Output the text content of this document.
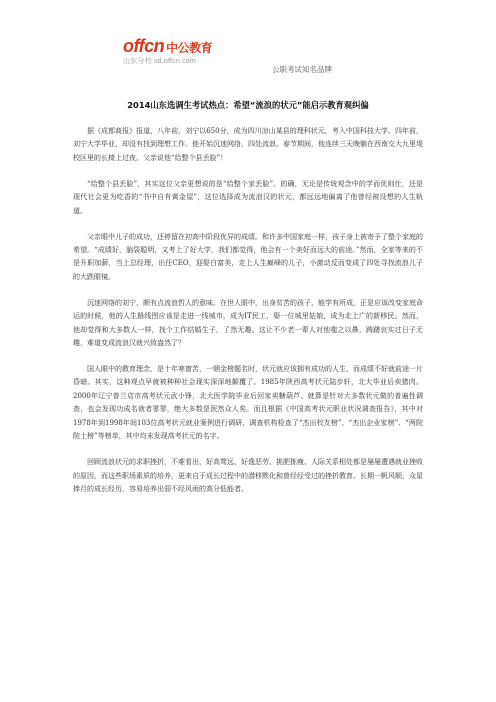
offcn 中公教育
山东分校 sd.offcn.com
公职考试知名品牌
2014山东选调生考试热点：希望“流浪的状元”能启示教育观纠偏

据《成都商报》报道，八年前，刘宁以650分，成为四川凉山某县的理科状元，考入中国科技大学。四年前，刘宁大学毕业，却没有找到理想工作。他开始沉迷网络，四处流浪。春节期间，他连续三天晚躺在西南交大九里堤校区里的长椅上过夜。父亲说他“给整个县丢脸”！

“给整个县丢脸”，其实这位父亲更想说的是“给整个家丢脸”。的确，无论是传统观念中的学而优则仕，还是现代社会更为吃香的“书中自有黄金屋”，这位选择成为流浪汉的状元，都远远地偏离了他曾经被设想的人生轨道。

父亲眼中儿子的成功，还停留在初高中阶段优异的成绩。和许多中国家庭一样，孩子身上被寄予了整个家庭的希望。“成绩好，脑袋聪明，又考上了好大学，我们都觉得，他会有一个美好而远大的前途。”然而，全家等来的不是升职加薪，当上总经理，出任CEO，迎娶白富美，走上人生巅峰的儿子，小激动反而变成了四处寻找流浪儿子的大跌眼镜。

沉迷网络的刘宁，颇有点流浪哲人的意味。在世人眼中，出身贫苦的孩子，能学有所成，正是应该改变家庭命运的时候，他的人生路线图应该是走进一线城市，成为IT民工，娶一位城里姑娘，成为北上广的新移民。然而，他却觉得和大多数人一样，找个工作结婚生子，了然无趣。这让不少老一辈人对他嗤之以鼻，踌躇哀实过日子无趣，难道变成流浪汉就兴致盎然了？

国人眼中的教育理念，是十年寒窗苦，一朝金榜题名时，状元就应该拥有成功的人生，而成绩不好就前途一片昏暗。其实，这种观点早就被种种社会现实深深地颠覆了。1985年陕西高考状元陆步轩，北大毕业后卖猪肉。2000年辽宁普兰店市高考状元武小锋，北大医学院毕业后回家卖糖葫芦。就算是针对大多数状元做的普遍性调查，也会发现功成名就者寥寥，绝大多数是泯然众人矣。而且根据《中国高考状元职业状况调查报告》，其中对1978年到1998年间103位高考状元就业案例进行调研，调查机构检查了“杰出校友榜”、“杰出企业家榜”、“两院院士榜”等榜单，其中均未发现高考状元的名字。

回顾流浪状元的求职挫折，不难看出，好高骛远、好逸恶劳、挑肥拣瘦、人际关系相处都是屡屡遭遇就业挫败的原因，而这些职场素质的培养，更来自于成长过程中的潜移默化和曾经经受过的挫折教育。长期一帆风顺，众星捧月的成长经历，容易培养出弱不经风雨的高分低能者。
